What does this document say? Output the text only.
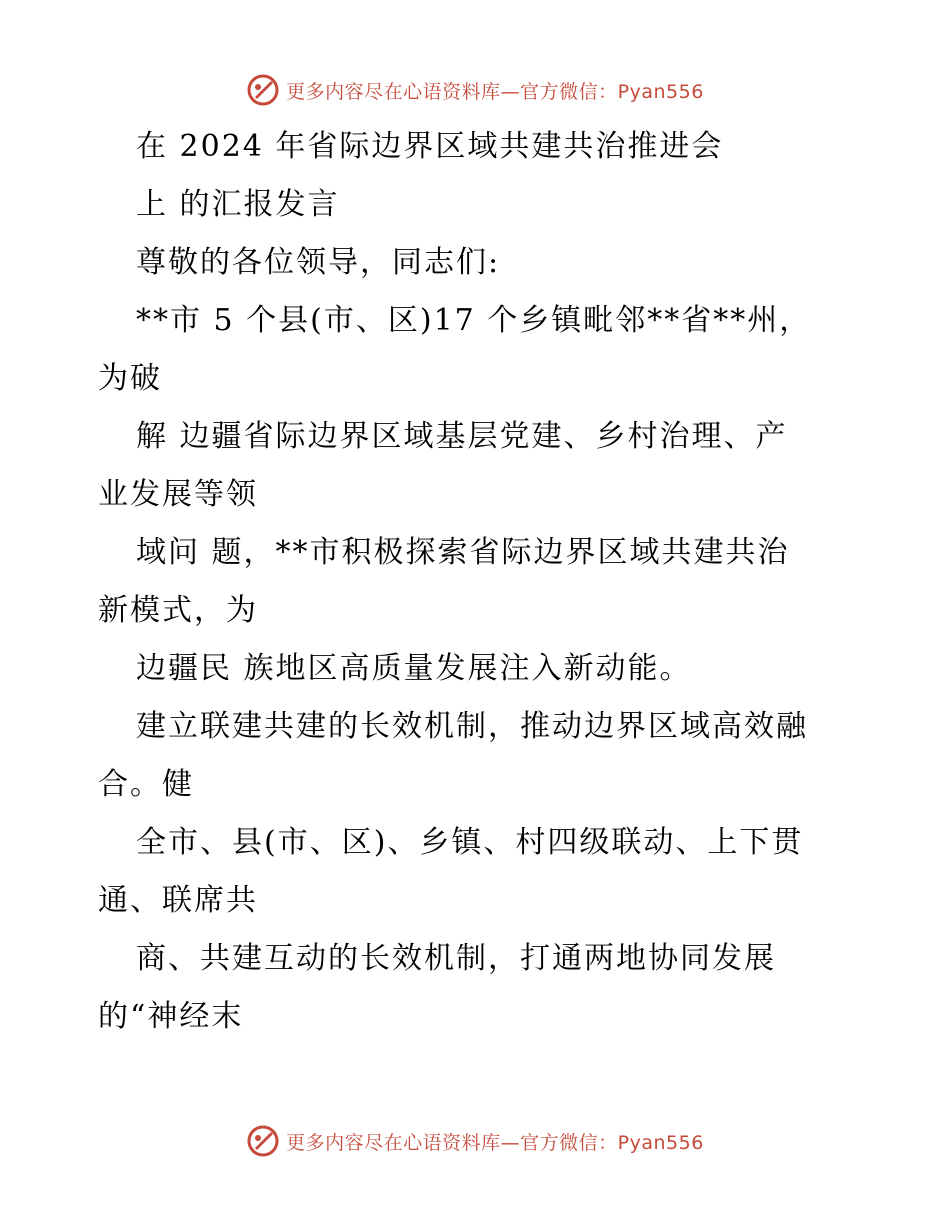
更多内容尽在心语资料库—官方微信：Pyan556
在 2024 年省际边界区域共建共治推进会
上 的汇报发言
尊敬的各位领导，同志们:
**市 5 个县(市、区)17 个乡镇毗邻**省**州，
为破
解 边疆省际边界区域基层党建、乡村治理、产
业发展等领
域问 题，**市积极探索省际边界区域共建共治
新模式，为
边疆民 族地区高质量发展注入新动能。
建立联建共建的长效机制，推动边界区域高效融
合。健
全市、县(市、区)、乡镇、村四级联动、上下贯
通、联席共
商、共建互动的长效机制，打通两地协同发展
的“神经末
更多内容尽在心语资料库—官方微信：Pyan556
